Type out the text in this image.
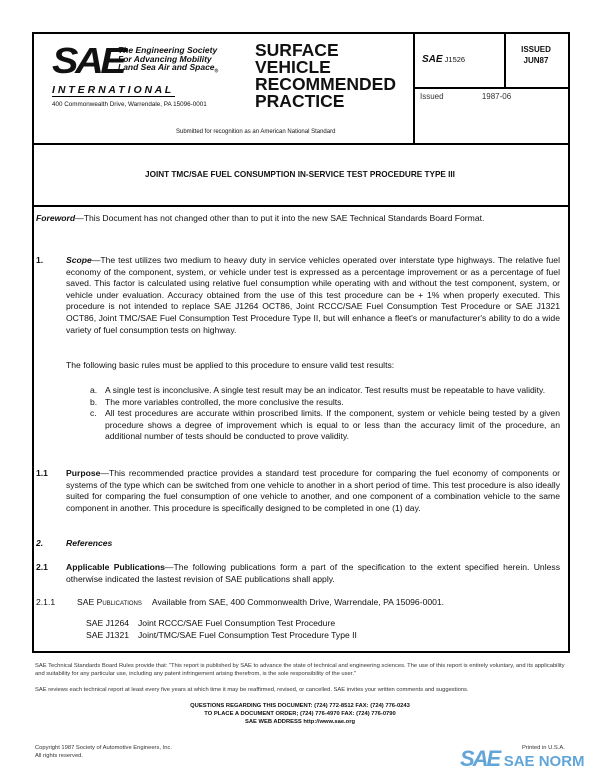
SAE
The Engineering Society
For Advancing Mobility
Land Sea Air and Space$_®$
I N T E R N A T I O N A L
400 Commonwealth Drive, Warrendale, PA 15096-0001
SURFACE
VEHICLE
RECOMMENDED
PRACTICE
Submitted for recognition as an American National Standard
SAE J1526
ISSUED
JUN87
Issued	1987-06
JOINT TMC/SAE FUEL CONSUMPTION IN-SERVICE TEST PROCEDURE TYPE III
Foreword—This Document has not changed other than to put it into the new SAE Technical Standards Board Format.
1.	Scope—The test utilizes two medium to heavy duty in service vehicles operated over interstate type highways. The relative fuel economy of the component, system, or vehicle under test is expressed as a percentage improvement or as a percentage of fuel saved. This factor is calculated using relative fuel consumption while operating with and without the test component, system, or vehicle under evaluation. Accuracy obtained from the use of this test procedure can be + 1% when properly executed. This procedure is not intended to replace SAE J1264 OCT86, Joint RCCC/SAE Fuel Consumption Test Procedure or SAE J1321 OCT86, Joint TMC/SAE Fuel Consumption Test Procedure Type II, but will enhance a fleet's or manufacturer's ability to do a wide variety of fuel consumption tests on highway.
The following basic rules must be applied to this procedure to ensure valid test results:
a. A single test is inconclusive. A single test result may be an indicator. Test results must be repeatable to have validity.
b. The more variables controlled, the more conclusive the results.
c. All test procedures are accurate within proscribed limits. If the component, system or vehicle being tested by a given procedure shows a degree of improvement which is equal to or less than the accuracy limit of the procedure, an additional number of tests should be conducted to prove validity.
1.1 Purpose—This recommended practice provides a standard test procedure for comparing the fuel economy of components or systems of the type which can be switched from one vehicle to another in a short period of time. This test procedure is also ideally suited for comparing the fuel consumption of one vehicle to another, and one component of a combination vehicle to the same component in another. This procedure is specifically designed to be completed in one (1) day.
2.	References
2.1 Applicable Publications—The following publications form a part of the specification to the extent specified herein. Unless otherwise indicated the lastest revision of SAE publications shall apply.
2.1.1	SAE Publications Available from SAE, 400 Commonwealth Drive, Warrendale, PA 15096-0001.
SAE J1264 Joint RCCC/SAE Fuel Consumption Test Procedure
SAE J1321 Joint/TMC/SAE Fuel Consumption Test Procedure Type II
SAE Technical Standards Board Rules provide that: "This report is published by SAE to advance the state of technical and engineering sciences. The use of this report is entirely voluntary, and its applicability and suitability for any particular use, including any patent infringement arising therefrom, is the sole responsibility of the user."
SAE reviews each technical report at least every five years at which time it may be reaffirmed, revised, or cancelled. SAE invites your written comments and suggestions.
QUESTIONS REGARDING THIS DOCUMENT: (724) 772-8512 FAX: (724) 776-0243
TO PLACE A DOCUMENT ORDER; (724) 776-4970 FAX: (724) 776-0790
SAE WEB ADDRESS http://www.sae.org
Copyright 1987 Society of Automotive Engineers, Inc.
All rights reserved.
Printed in U.S.A.
SAE SAE NORM
